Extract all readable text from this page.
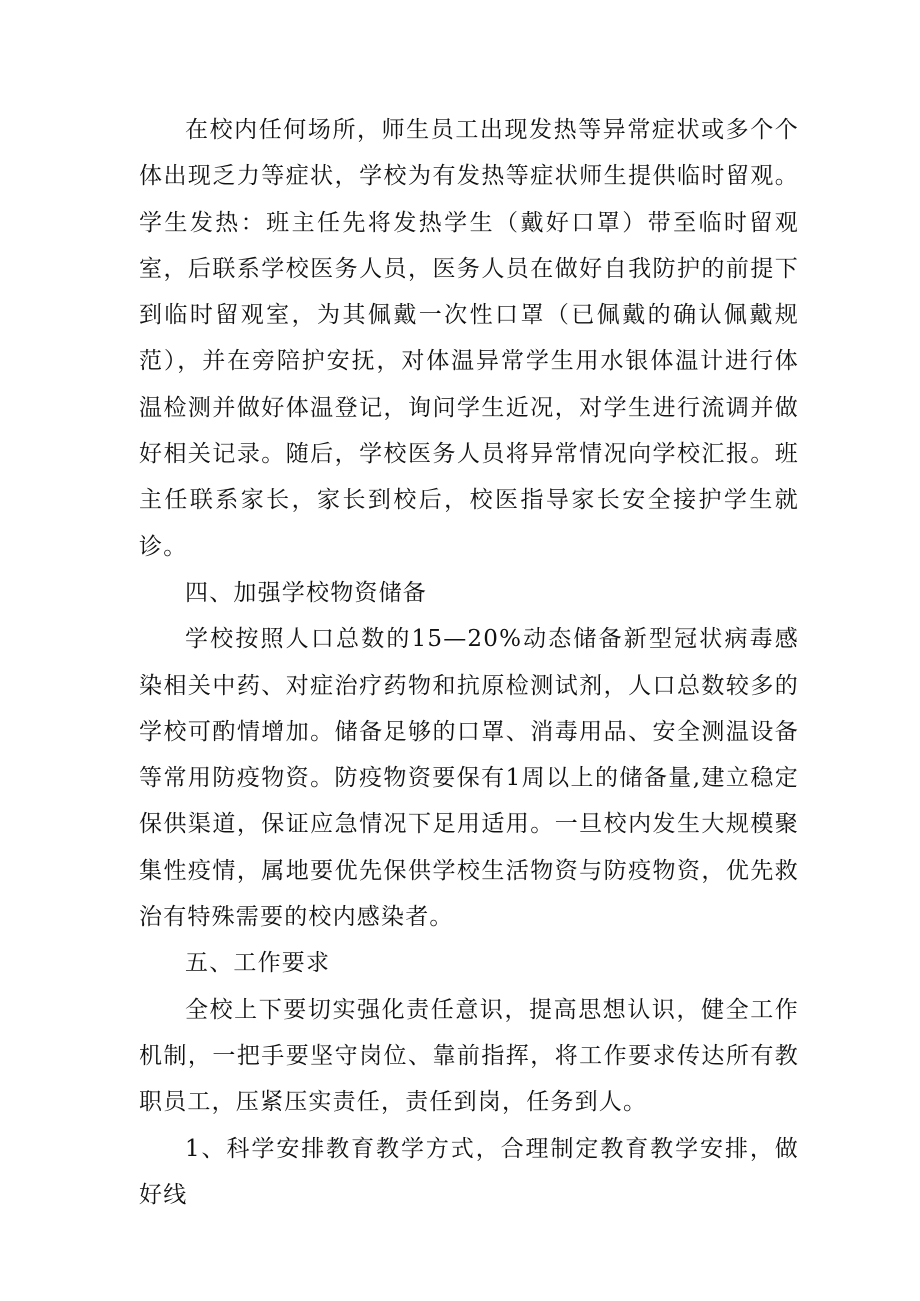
在校内任何场所，师生员工出现发热等异常症状或多个个体出现乏力等症状，学校为有发热等症状师生提供临时留观。学生发热：班主任先将发热学生（戴好口罩）带至临时留观室，后联系学校医务人员，医务人员在做好自我防护的前提下到临时留观室，为其佩戴一次性口罩（已佩戴的确认佩戴规范），并在旁陪护安抚，对体温异常学生用水银体温计进行体温检测并做好体温登记，询问学生近况，对学生进行流调并做好相关记录。随后，学校医务人员将异常情况向学校汇报。班主任联系家长，家长到校后，校医指导家长安全接护学生就诊。

四、加强学校物资储备

学校按照人口总数的15—20%动态储备新型冠状病毒感染相关中药、对症治疗药物和抗原检测试剂，人口总数较多的学校可酌情增加。储备足够的口罩、消毒用品、安全测温设备等常用防疫物资。防疫物资要保有1周以上的储备量,建立稳定保供渠道，保证应急情况下足用适用。一旦校内发生大规模聚集性疫情，属地要优先保供学校生活物资与防疫物资，优先救治有特殊需要的校内感染者。

五、工作要求

全校上下要切实强化责任意识，提高思想认识，健全工作机制，一把手要坚守岗位、靠前指挥，将工作要求传达所有教职员工，压紧压实责任，责任到岗，任务到人。

1、科学安排教育教学方式，合理制定教育教学安排，做好线
